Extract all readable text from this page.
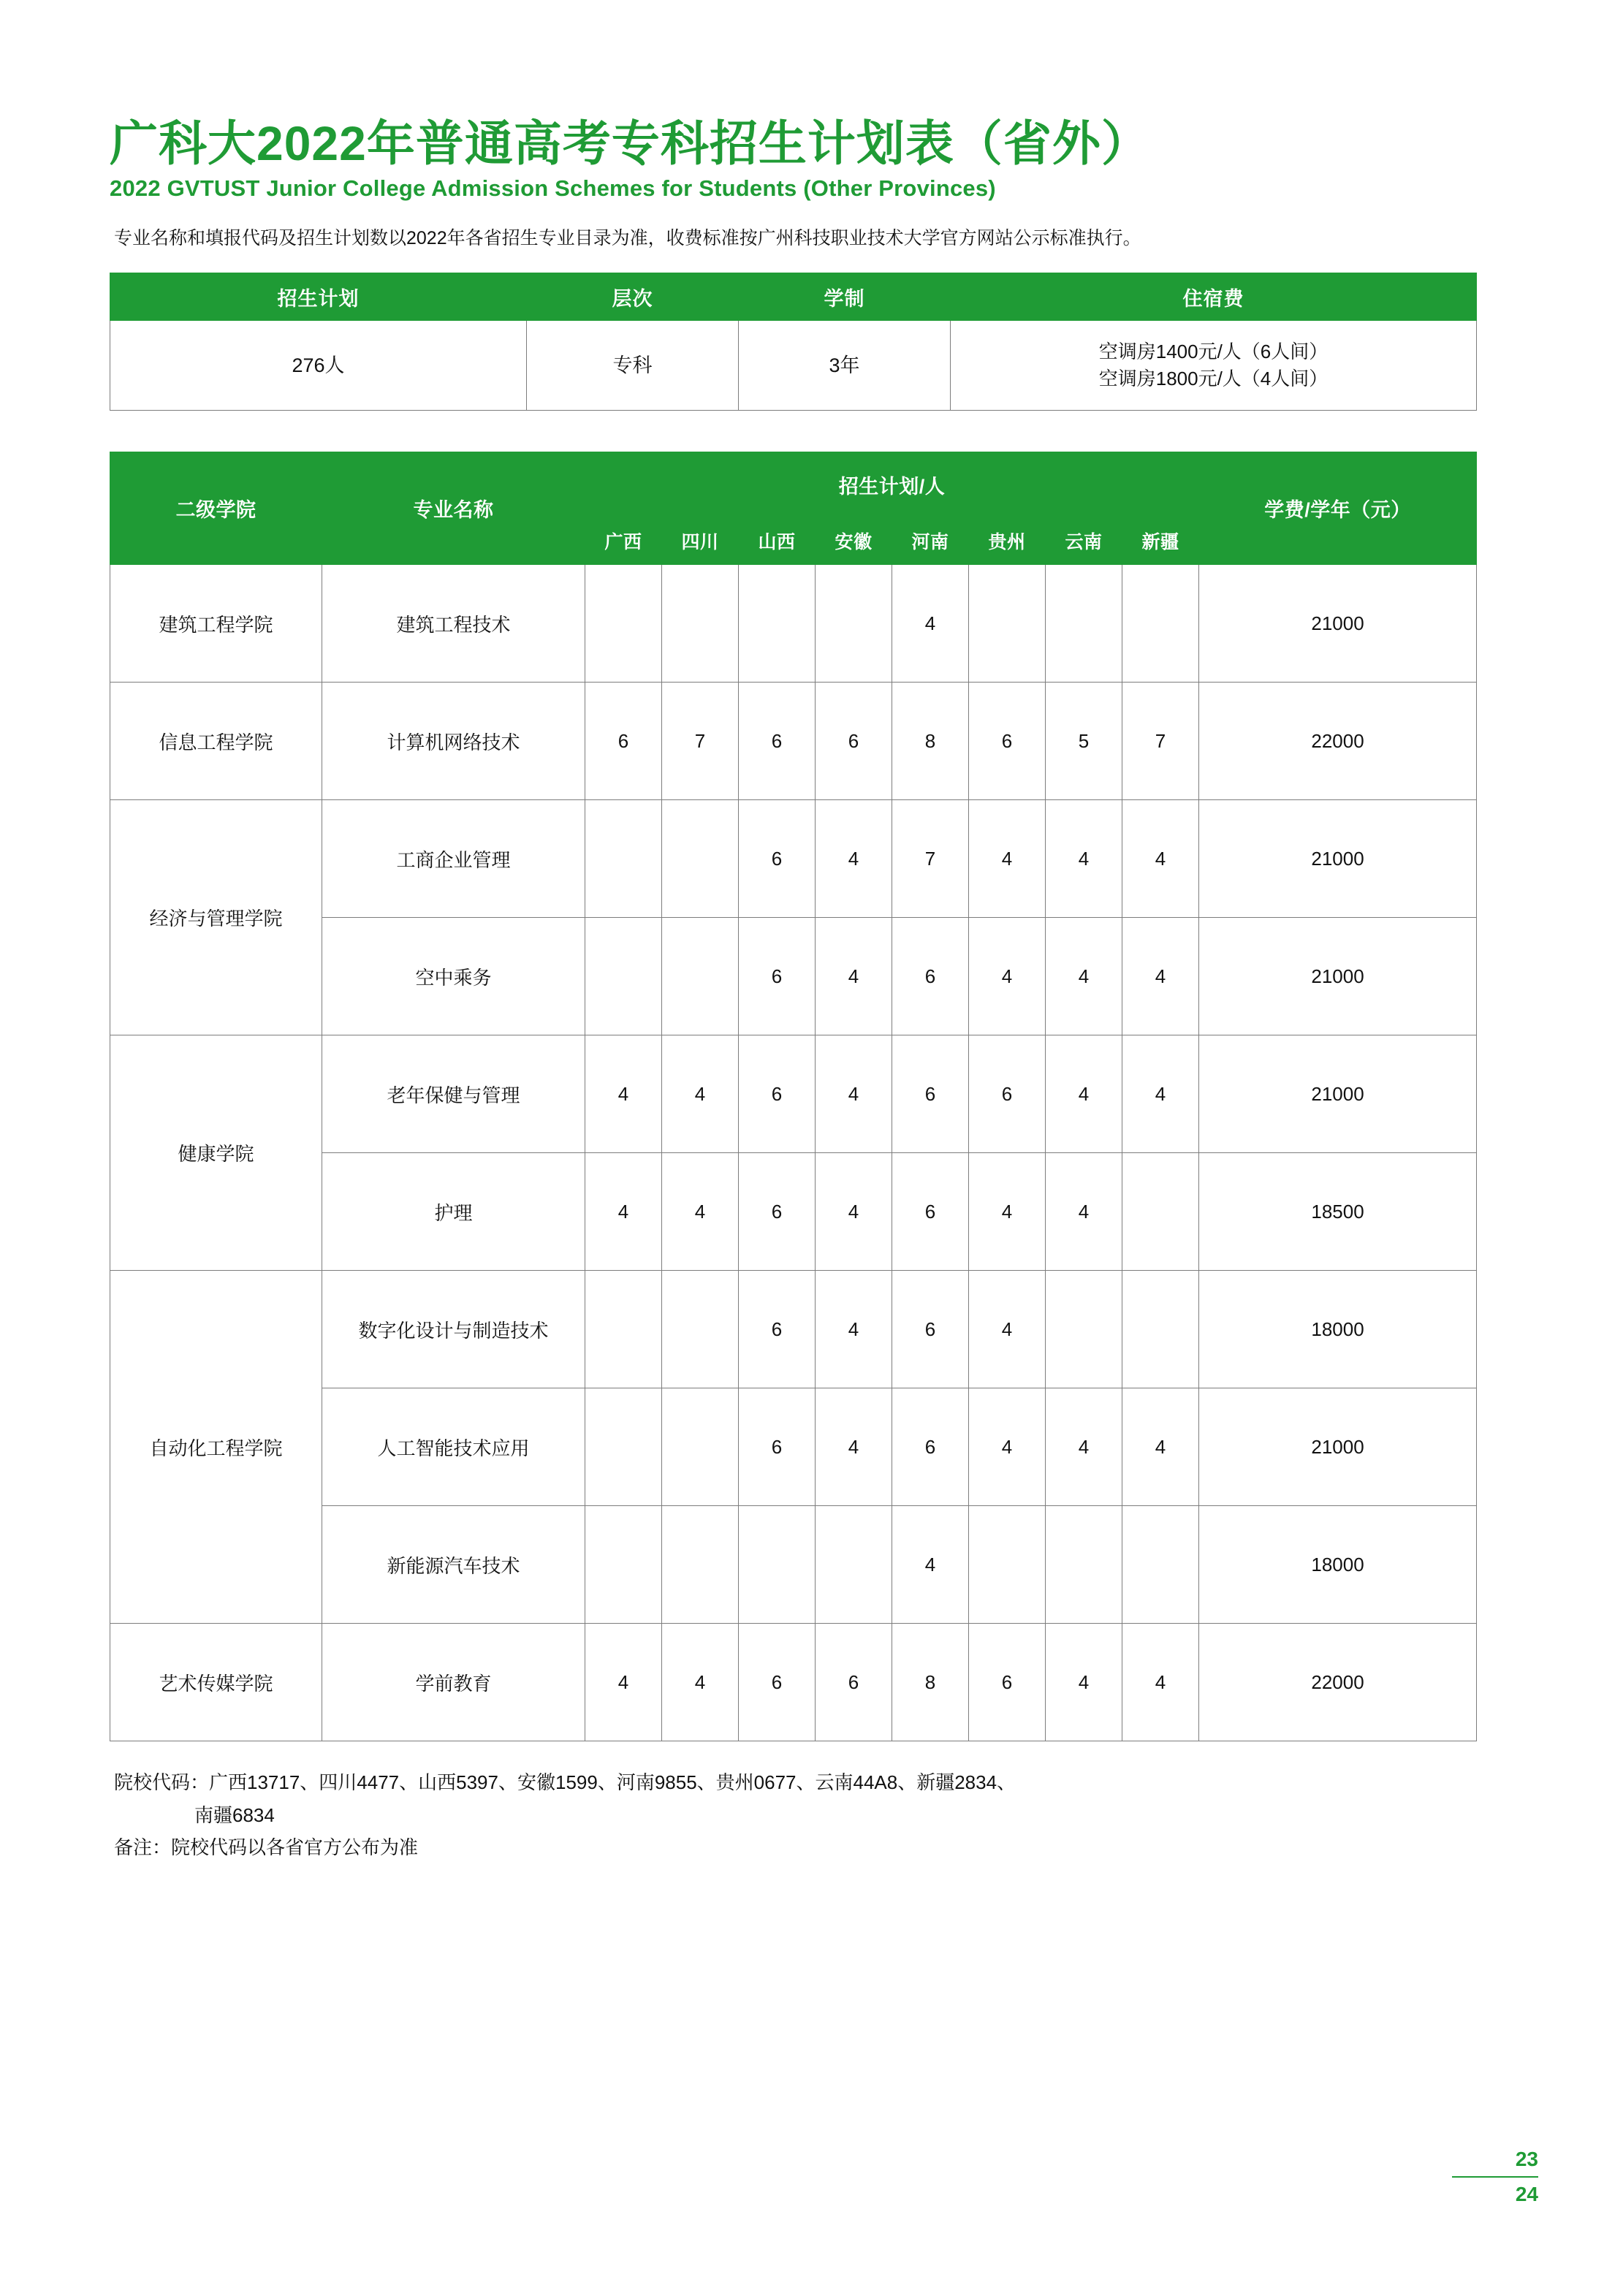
广科大2022年普通高考专科招生计划表（省外）
2022 GVTUST Junior College Admission Schemes for Students (Other Provinces)

专业名称和填报代码及招生计划数以2022年各省招生专业目录为准，收费标准按广州科技职业技术大学官方网站公示标准执行。

招生计划	层次	学制	住宿费
276人	专科	3年	空调房1400元/人（6人间）
空调房1800元/人（4人间）
二级学院	专业名称	招生计划/人								学费/学年（元）
		广西	四川	山西	安徽	河南	贵州	云南	新疆	
建筑工程学院	建筑工程技术					4				21000
信息工程学院	计算机网络技术	6	7	6	6	8	6	5	7	22000
经济与管理学院	工商企业管理			6	4	7	4	4	4	21000
	空中乘务			6	4	6	4	4	4	21000
健康学院	老年保健与管理	4	4	6	4	6	6	4	4	21000
	护理	4	4	6	4	6	4	4		18500
自动化工程学院	数字化设计与制造技术			6	4	6	4			18000
	人工智能技术应用			6	4	6	4	4	4	21000
	新能源汽车技术					4				18000
艺术传媒学院	学前教育	4	4	6	6	8	6	4	4	22000
院校代码：广西13717、四川4477、山西5397、安徽1599、河南9855、贵州0677、云南44A8、新疆2834、
南疆6834
备注：院校代码以各省官方公布为准
23
24
